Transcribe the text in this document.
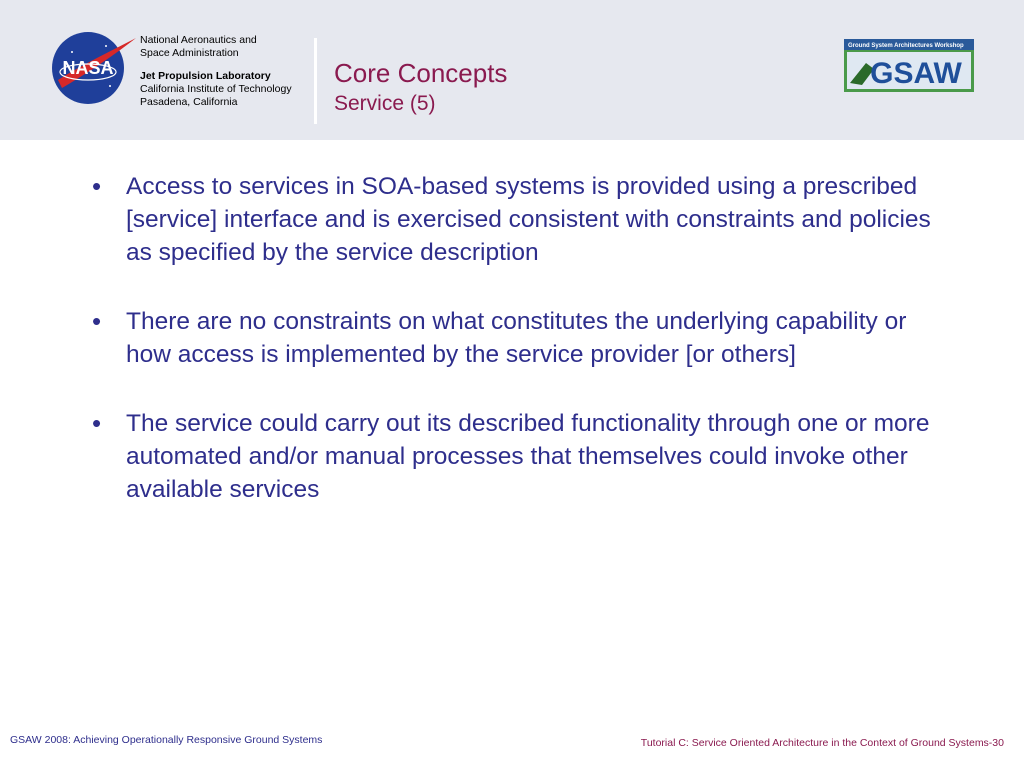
NASA
National Aeronautics and
Space Administration
Jet Propulsion Laboratory
California Institute of Technology
Pasadena, California
Core Concepts
Service (5)
Ground System Architectures Workshop
GSAW
• Access to services in SOA-based systems is provided using a prescribed [service] interface and is exercised consistent with constraints and policies as specified by the service description
• There are no constraints on what constitutes the underlying capability or how access is implemented by the service provider [or others]
• The service could carry out its described functionality through one or more automated and/or manual processes that themselves could invoke other available services
GSAW 2008: Achieving Operationally Responsive Ground Systems	Tutorial C: Service Oriented Architecture in the Context of Ground Systems-30
